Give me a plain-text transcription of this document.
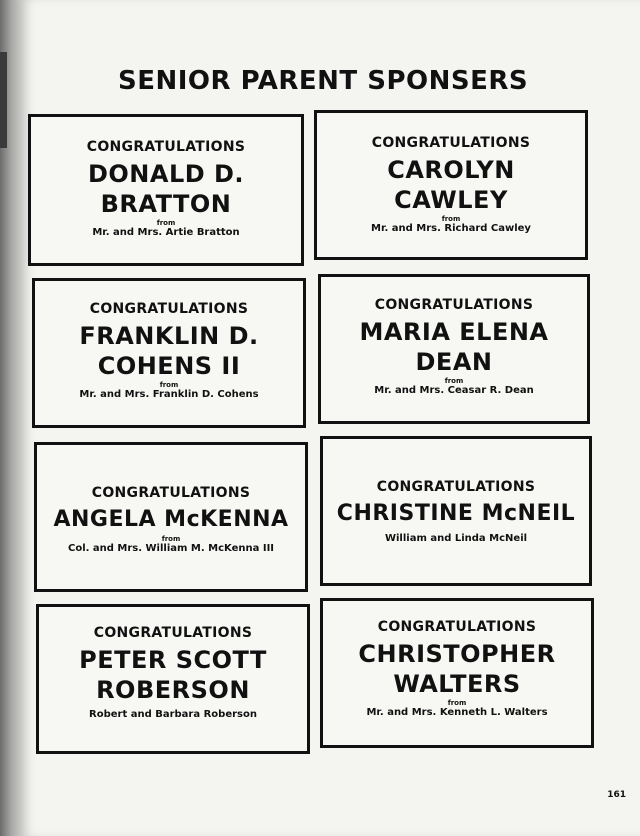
SENIOR PARENT SPONSERS
CONGRATULATIONS
DONALD D.
BRATTON
from
Mr. and Mrs. Artie Bratton
CONGRATULATIONS
CAROLYN
CAWLEY
from
Mr. and Mrs. Richard Cawley
CONGRATULATIONS
FRANKLIN D.
COHENS II
from
Mr. and Mrs. Franklin D. Cohens
CONGRATULATIONS
MARIA ELENA
DEAN
from
Mr. and Mrs. Ceasar R. Dean
CONGRATULATIONS
ANGELA McKENNA
from
Col. and Mrs. William M. McKenna III
CONGRATULATIONS
CHRISTINE McNEIL
William and Linda McNeil
CONGRATULATIONS
PETER SCOTT
ROBERSON
Robert and Barbara Roberson
CONGRATULATIONS
CHRISTOPHER
WALTERS
from
Mr. and Mrs. Kenneth L. Walters
161
